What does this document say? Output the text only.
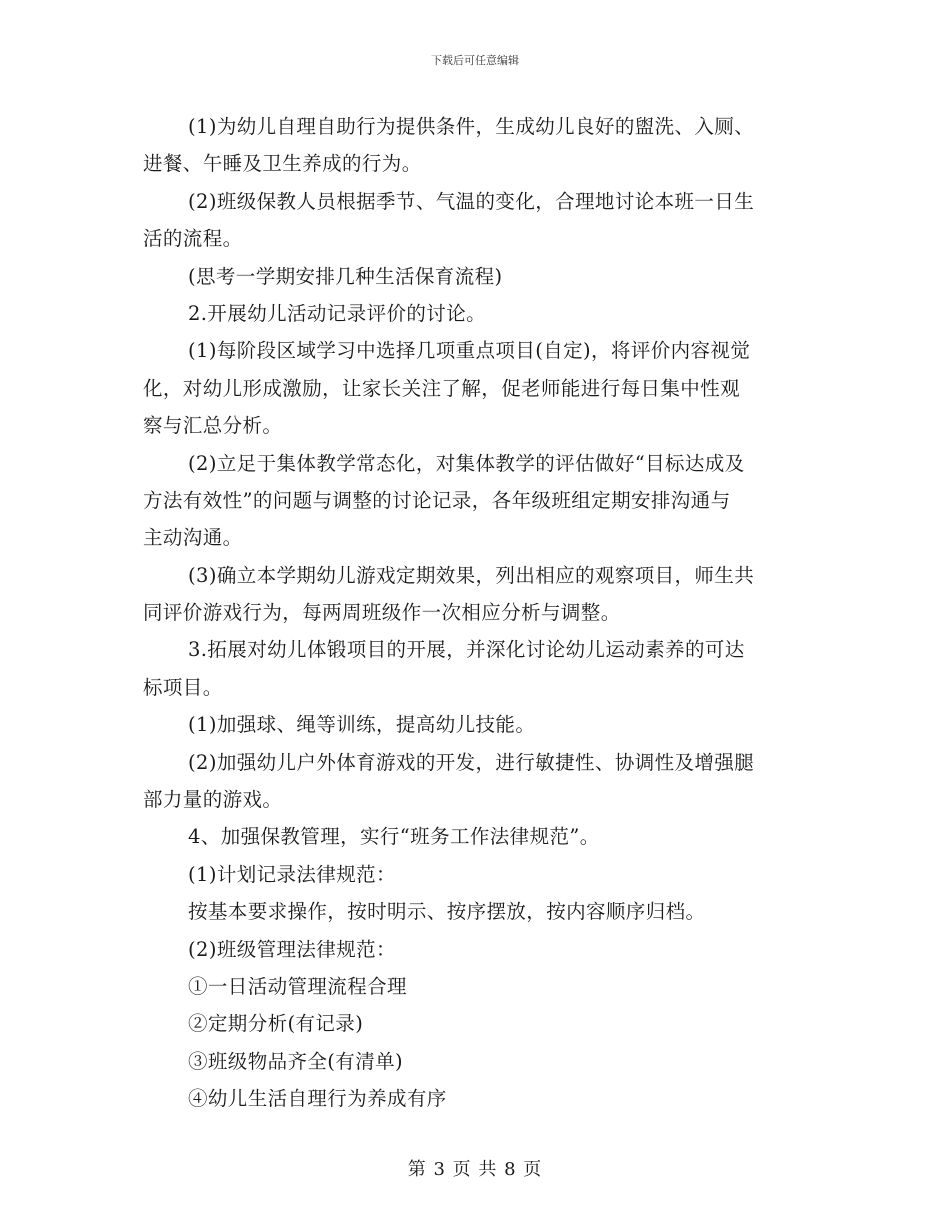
下载后可任意编辑
(1)为幼儿自理自助行为提供条件，生成幼儿良好的盥洗、入厕、
进餐、午睡及卫生养成的行为。
(2)班级保教人员根据季节、气温的变化，合理地讨论本班一日生
活的流程。
(思考一学期安排几种生活保育流程)
2.开展幼儿活动记录评价的讨论。
(1)每阶段区域学习中选择几项重点项目(自定)，将评价内容视觉
化，对幼儿形成激励，让家长关注了解，促老师能进行每日集中性观
察与汇总分析。
(2)立足于集体教学常态化，对集体教学的评估做好“目标达成及
方法有效性”的问题与调整的讨论记录，各年级班组定期安排沟通与
主动沟通。
(3)确立本学期幼儿游戏定期效果，列出相应的观察项目，师生共
同评价游戏行为，每两周班级作一次相应分析与调整。
3.拓展对幼儿体锻项目的开展，并深化讨论幼儿运动素养的可达
标项目。
(1)加强球、绳等训练，提高幼儿技能。
(2)加强幼儿户外体育游戏的开发，进行敏捷性、协调性及增强腿
部力量的游戏。
4、加强保教管理，实行“班务工作法律规范”。
(1)计划记录法律规范：
按基本要求操作，按时明示、按序摆放，按内容顺序归档。
(2)班级管理法律规范：
①一日活动管理流程合理
②定期分析(有记录)
③班级物品齐全(有清单)
④幼儿生活自理行为养成有序
第 3 页 共 8 页
